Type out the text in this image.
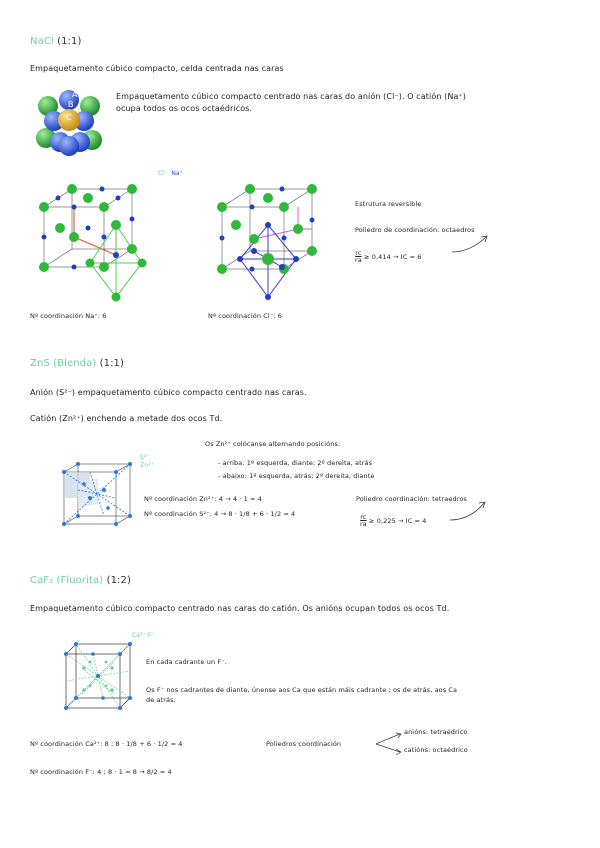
NaCl (1:1)
Empaquetamento cúbico compacto, celda centrada nas caras
A
B
C
Empaquetamento cúbico compacto centrado nas caras do anión (Cl⁻). O catión (Na⁺)
ocupa todos os ocos octaédricos.
Cl⁻ Na⁺
Estrutura reversible
Poliedro de coordinación: octaedros
$\frac{rc}{ra} \ge 0,414$ → IC = 6
Nº coordinación Na⁺: 6	Nº coordinación Cl⁻: 6
ZnS (Blenda) (1:1)
Anión (S²⁻) empaquetamento cúbico compacto centrado nas caras.
Catión (Zn²⁺) enchendo a metade dos ocos Td.
S²⁻
Zn²⁺
Os Zn²⁺ colócanse alternando posicións:
- arriba: 1º esquerda, diante; 2º dereita, atrás
- abaixo: 1º esquerda, atrás; 2º dereita, diante
Nº coordinación Zn²⁺: 4 → 4 · 1 = 4
Nº coordinación S²⁻: 4 → 8 · 1/8 + 6 · 1/2 = 4
Poliedro coordinación: tetraedros
$\frac{rc}{ra} \ge 0,225$ → IC = 4
CaF₂ (Fluorita) (1:2)
Empaquetamento cúbico compacto centrado nas caras do catión. Os anións ocupan todos os ocos Td.
Ca²⁺ F⁻
En cada cadrante un F⁻.
Os F⁻ nos cadrantes de diante, únense aos Ca que están máis cadrante ; os de atrás, aos Ca
de atrás.
Nº coordinación Ca²⁺: 8 ; 8 · 1/8 + 6 · 1/2 = 4
Nº coordinación F⁻: 4 ; 8 · 1 = 8 → 8/2 = 4
Poliedros coordinación
anións: tetraédrico
catións: octaédrico
